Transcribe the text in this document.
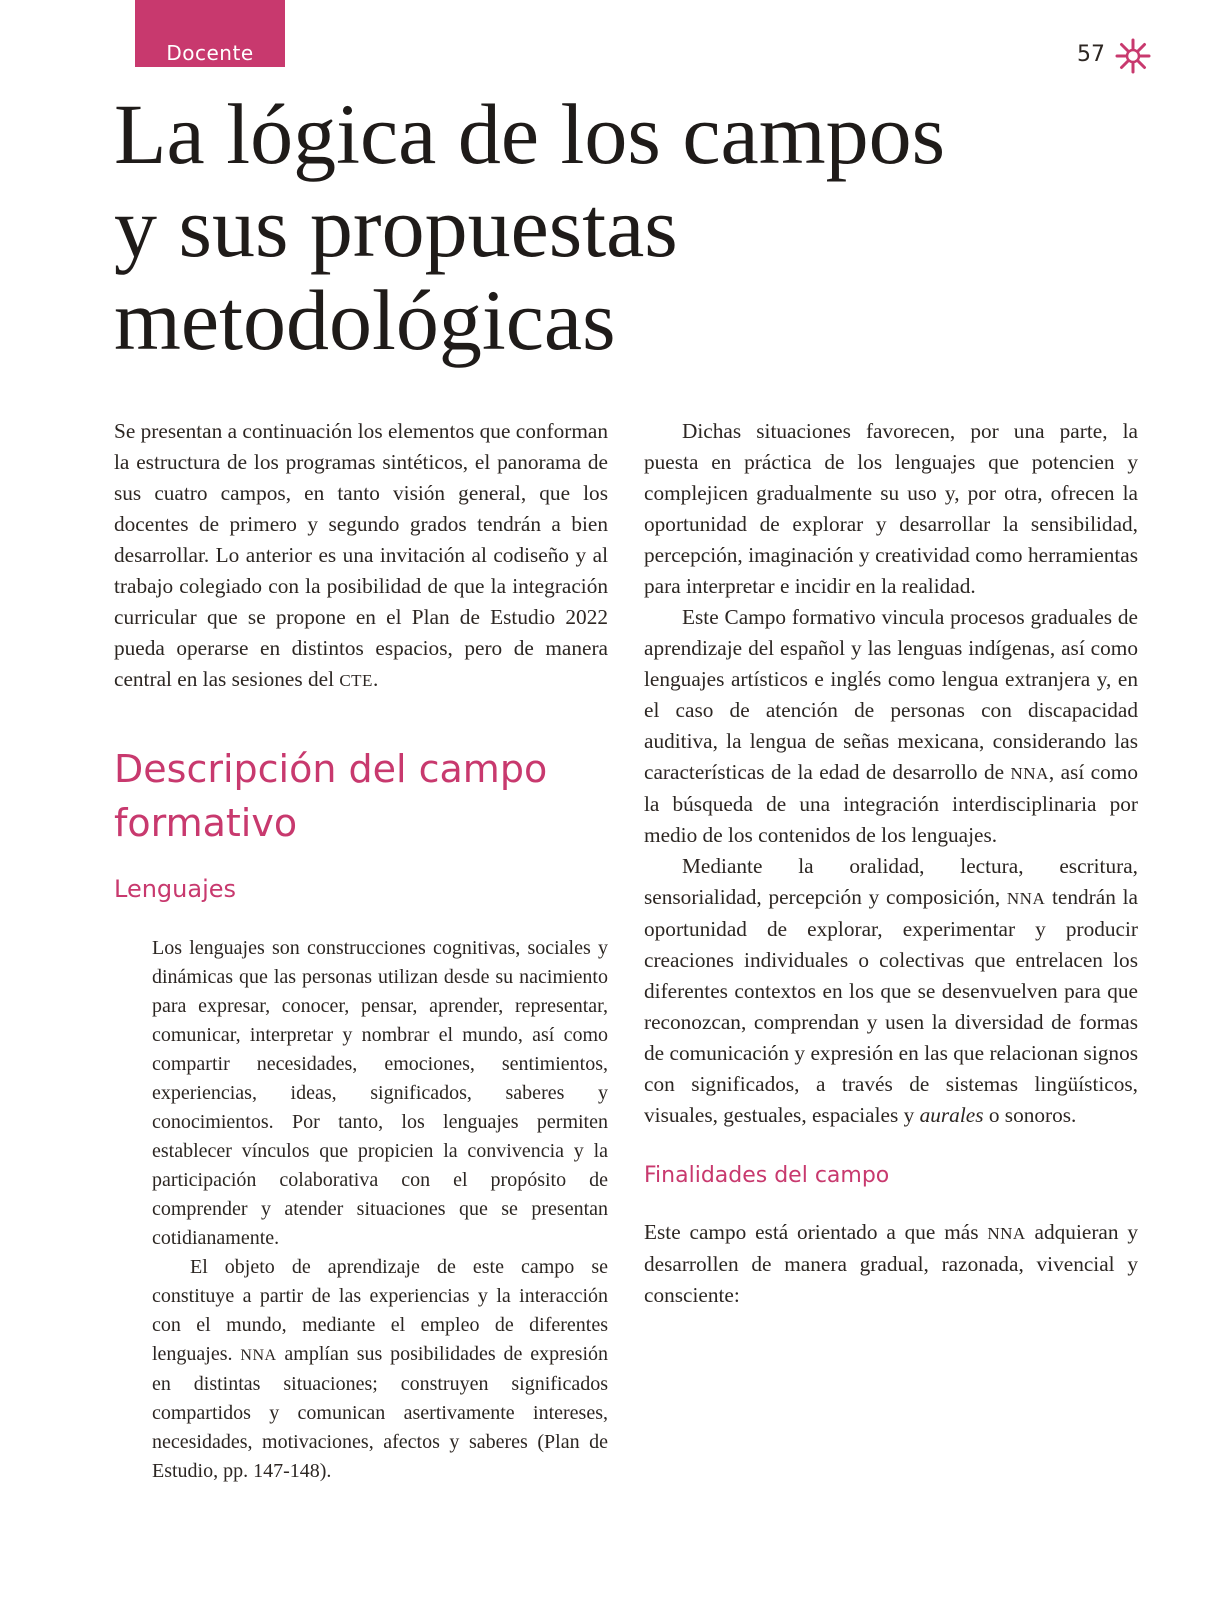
Docente	57
La lógica de los campos
y sus propuestas
metodológicas

Se presentan a continuación los elementos que conforman la estructura de los programas sintéticos, el panorama de sus cuatro campos, en tanto visión general, que los docentes de primero y segundo grados tendrán a bien desarrollar. Lo anterior es una invitación al codiseño y al trabajo colegiado con la posibilidad de que la integración curricular que se propone en el Plan de Estudio 2022 pueda operarse en distintos espacios, pero de manera central en las sesiones del CTE.

Descripción del campo
formativo
Lenguajes

Los lenguajes son construcciones cognitivas, sociales y dinámicas que las personas utilizan desde su nacimiento para expresar, conocer, pensar, aprender, representar, comunicar, interpretar y nombrar el mundo, así como compartir necesidades, emociones, sentimientos, experiencias, ideas, significados, saberes y conocimientos. Por tanto, los lenguajes permiten establecer vínculos que propicien la convivencia y la participación colaborativa con el propósito de comprender y atender situaciones que se presentan cotidianamente.

El objeto de aprendizaje de este campo se constituye a partir de las experiencias y la interacción con el mundo, mediante el empleo de diferentes lenguajes. NNA amplían sus posibilidades de expresión en distintas situaciones; construyen significados compartidos y comunican asertivamente intereses, necesidades, motivaciones, afectos y saberes (Plan de Estudio, pp. 147-148).

Dichas situaciones favorecen, por una parte, la puesta en práctica de los lenguajes que potencien y complejicen gradualmente su uso y, por otra, ofrecen la oportunidad de explorar y desarrollar la sensibilidad, percepción, imaginación y creatividad como herramientas para interpretar e incidir en la realidad.

Este Campo formativo vincula procesos graduales de aprendizaje del español y las lenguas indígenas, así como lenguajes artísticos e inglés como lengua extranjera y, en el caso de atención de personas con discapacidad auditiva, la lengua de señas mexicana, considerando las características de la edad de desarrollo de NNA, así como la búsqueda de una integración interdisciplinaria por medio de los contenidos de los lenguajes.

Mediante la oralidad, lectura, escritura, sensorialidad, percepción y composición, NNA tendrán la oportunidad de explorar, experimentar y producir creaciones individuales o colectivas que entrelacen los diferentes contextos en los que se desenvuelven para que reconozcan, comprendan y usen la diversidad de formas de comunicación y expresión en las que relacionan signos con significados, a través de sistemas lingüísticos, visuales, gestuales, espaciales y aurales o sonoros.

Finalidades del campo

Este campo está orientado a que más NNA adquieran y desarrollen de manera gradual, razonada, vivencial y consciente:
